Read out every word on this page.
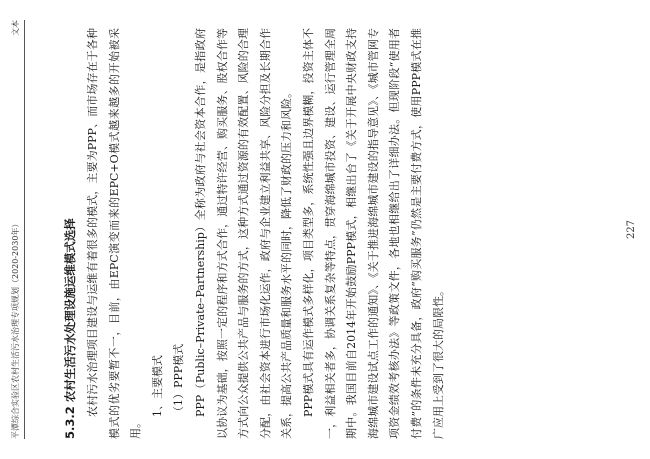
平潭综合实验区农村生活污水治理专项规划（2020-2030年）
文本
5.3.2 农村生活污水处理设施运维模式选择 农村污水治理项目建设与运维有着很多的模式，主要为PPP、而市场存在于各种模式的优劣要暂不一，目前，由EPC演变而来的EPC+O模式越来越多的开始被采用。

1、主要模式 （1）PPP模式 PPP（Public–Private–Partnership）全称为政府与社会资本合作，是指政府以协议为基础，按照一定的程序和方式合作，通过特许经营、购买服务、股权合作等方式向公众提供公共产品与服务的方式，这种方式通过资源的有效配置、风险的合理分配，由社会资本进行市场化运作，政府与企业建立利益共享、风险分担及长期合作关系，提高公共产品质量和服务水平的同时，降低了财政的压力和风险。 PPP模式具有运作模式多样化，项目类型多，系统性强且边界模糊，投资主体不一，利益相关者多，协调关系复杂等特点，贯穿海绵城市投资、建设、运行管理全周期中。我国目前自2014年开始鼓励PPP模式，相继出台了《关于开展中央财政支持海绵城市建设试点工作的通知》、《关于推进海绵城市建设的指导意见》、《城市管网专项资金绩效考核办法》等政策文件，各地也相继给出了详细办法。但现阶段“使用者付费”的条件未充分具备，政府“购买服务”仍然是主要付费方式，使用PPP模式在推广应用上受到了很大的局限性。

227
